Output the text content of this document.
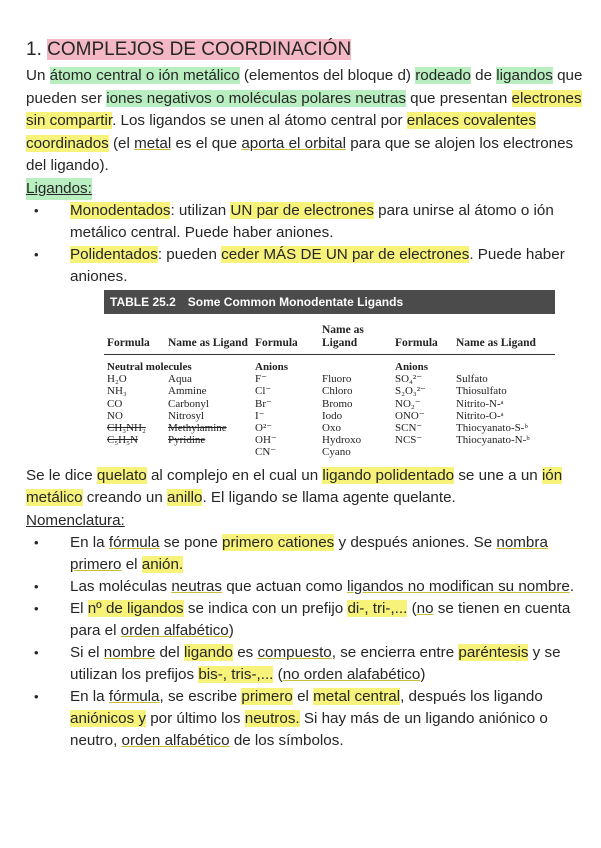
1. COMPLEJOS DE COORDINACIÓN

Un átomo central o ión metálico (elementos del bloque d) rodeado de ligandos que pueden ser iones negativos o moléculas polares neutras que presentan electrones sin compartir. Los ligandos se unen al átomo central por enlaces covalentes coordinados (el metal es el que aporta el orbital para que se alojen los electrones del ligando).

Ligandos:

• Monodentados: utilizan UN par de electrones para unirse al átomo o ión metálico central. Puede haber aniones.
• Polidentados: pueden ceder MÁS DE UN par de electrones. Puede haber aniones.
TABLE 25.2 Some Common Monodentate Ligands
Formula	Name as Ligand	Formula	Name as Ligand	Formula	Name as Ligand
Neutral molecules		Anions		Anions	
H₂O	Aqua	F⁻	Fluoro	SO₄²⁻	Sulfato
NH₃	Ammine	Cl⁻	Chloro	S₂O₃²⁻	Thiosulfato
CO	Carbonyl	Br⁻	Bromo	NO₂⁻	Nitrito-N-ᵃ
NO	Nitrosyl	I⁻	Iodo	ONO⁻	Nitrito-O-ᵃ
CH₃NH₂	Methylamine	O²⁻	Oxo	SCN⁻	Thiocyanato-S-ᵇ
C₅H₅N	Pyridine	OH⁻	Hydroxo	NCS⁻	Thiocyanato-N-ᵇ
		CN⁻	Cyano		

Se le dice quelato al complejo en el cual un ligando polidentado se une a un ión metálico creando un anillo. El ligando se llama agente quelante.

Nomenclatura:

• En la fórmula se pone primero cationes y después aniones. Se nombra primero el anión.
• Las moléculas neutras que actuan como ligandos no modifican su nombre.
• El nº de ligandos se indica con un prefijo di-, tri-,... (no se tienen en cuenta para el orden alfabético)
• Si el nombre del ligando es compuesto, se encierra entre paréntesis y se utilizan los prefijos bis-, tris-,... (no orden alafabético)
• En la fórmula, se escribe primero el metal central, después los ligando aniónicos y por último los neutros. Si hay más de un ligando aniónico o neutro, orden alfabético de los símbolos.
